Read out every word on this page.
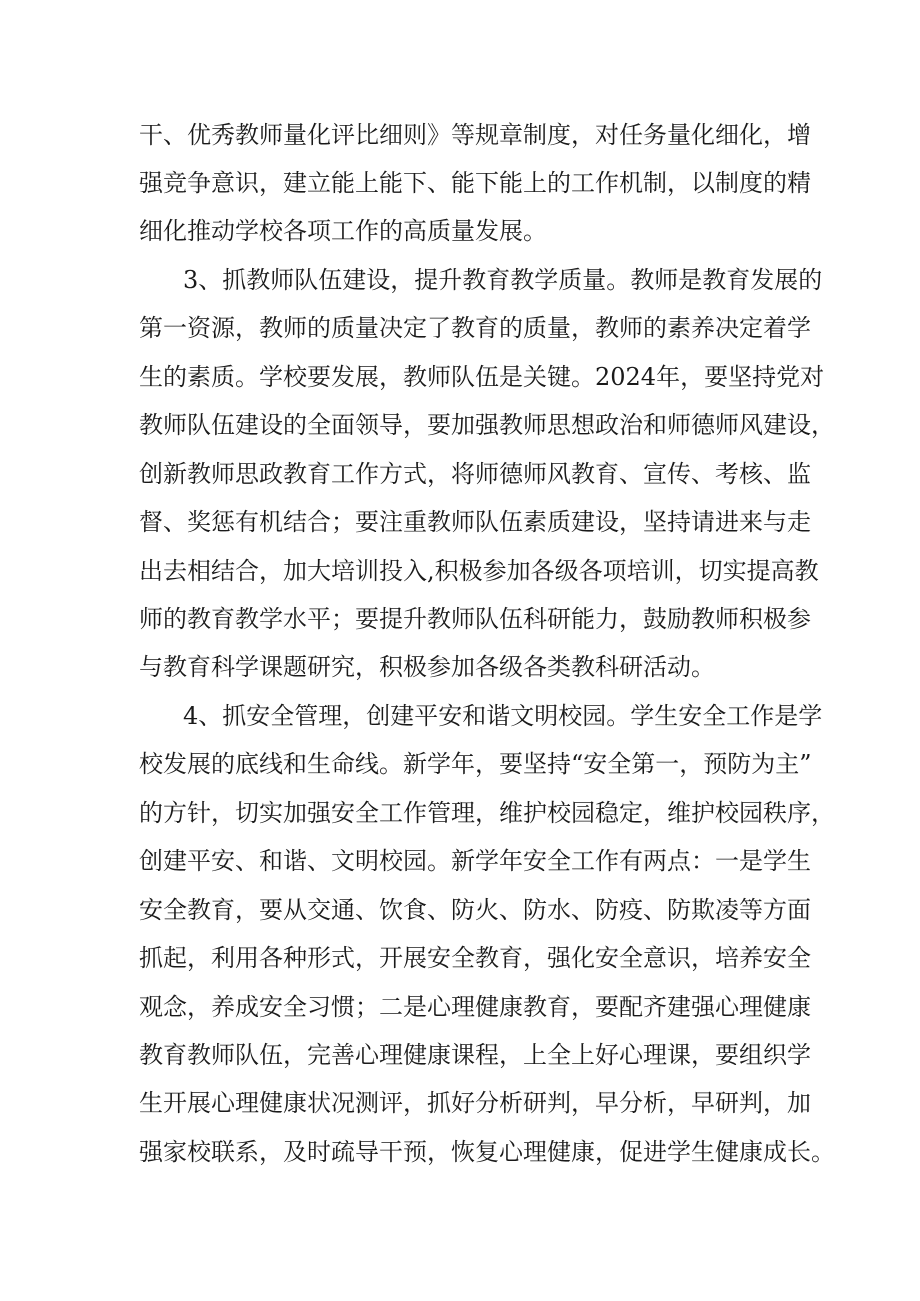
干、优秀教师量化评比细则》等规章制度，对任务量化细化，增
强竞争意识，建立能上能下、能下能上的工作机制，以制度的精
细化推动学校各项工作的高质量发展。
3、抓教师队伍建设，提升教育教学质量。教师是教育发展的
第一资源，教师的质量决定了教育的质量，教师的素养决定着学
生的素质。学校要发展，教师队伍是关键。2024年，要坚持党对
教师队伍建设的全面领导，要加强教师思想政治和师德师风建设，
创新教师思政教育工作方式，将师德师风教育、宣传、考核、监
督、奖惩有机结合；要注重教师队伍素质建设，坚持请进来与走
出去相结合，加大培训投入,积极参加各级各项培训，切实提高教
师的教育教学水平；要提升教师队伍科研能力，鼓励教师积极参
与教育科学课题研究，积极参加各级各类教科研活动。
4、抓安全管理，创建平安和谐文明校园。学生安全工作是学
校发展的底线和生命线。新学年，要坚持“安全第一，预防为主”
的方针，切实加强安全工作管理，维护校园稳定，维护校园秩序，
创建平安、和谐、文明校园。新学年安全工作有两点：一是学生
安全教育，要从交通、饮食、防火、防水、防疫、防欺凌等方面
抓起，利用各种形式，开展安全教育，强化安全意识，培养安全
观念，养成安全习惯；二是心理健康教育，要配齐建强心理健康
教育教师队伍，完善心理健康课程，上全上好心理课，要组织学
生开展心理健康状况测评，抓好分析研判，早分析，早研判，加
强家校联系，及时疏导干预，恢复心理健康，促进学生健康成长。
